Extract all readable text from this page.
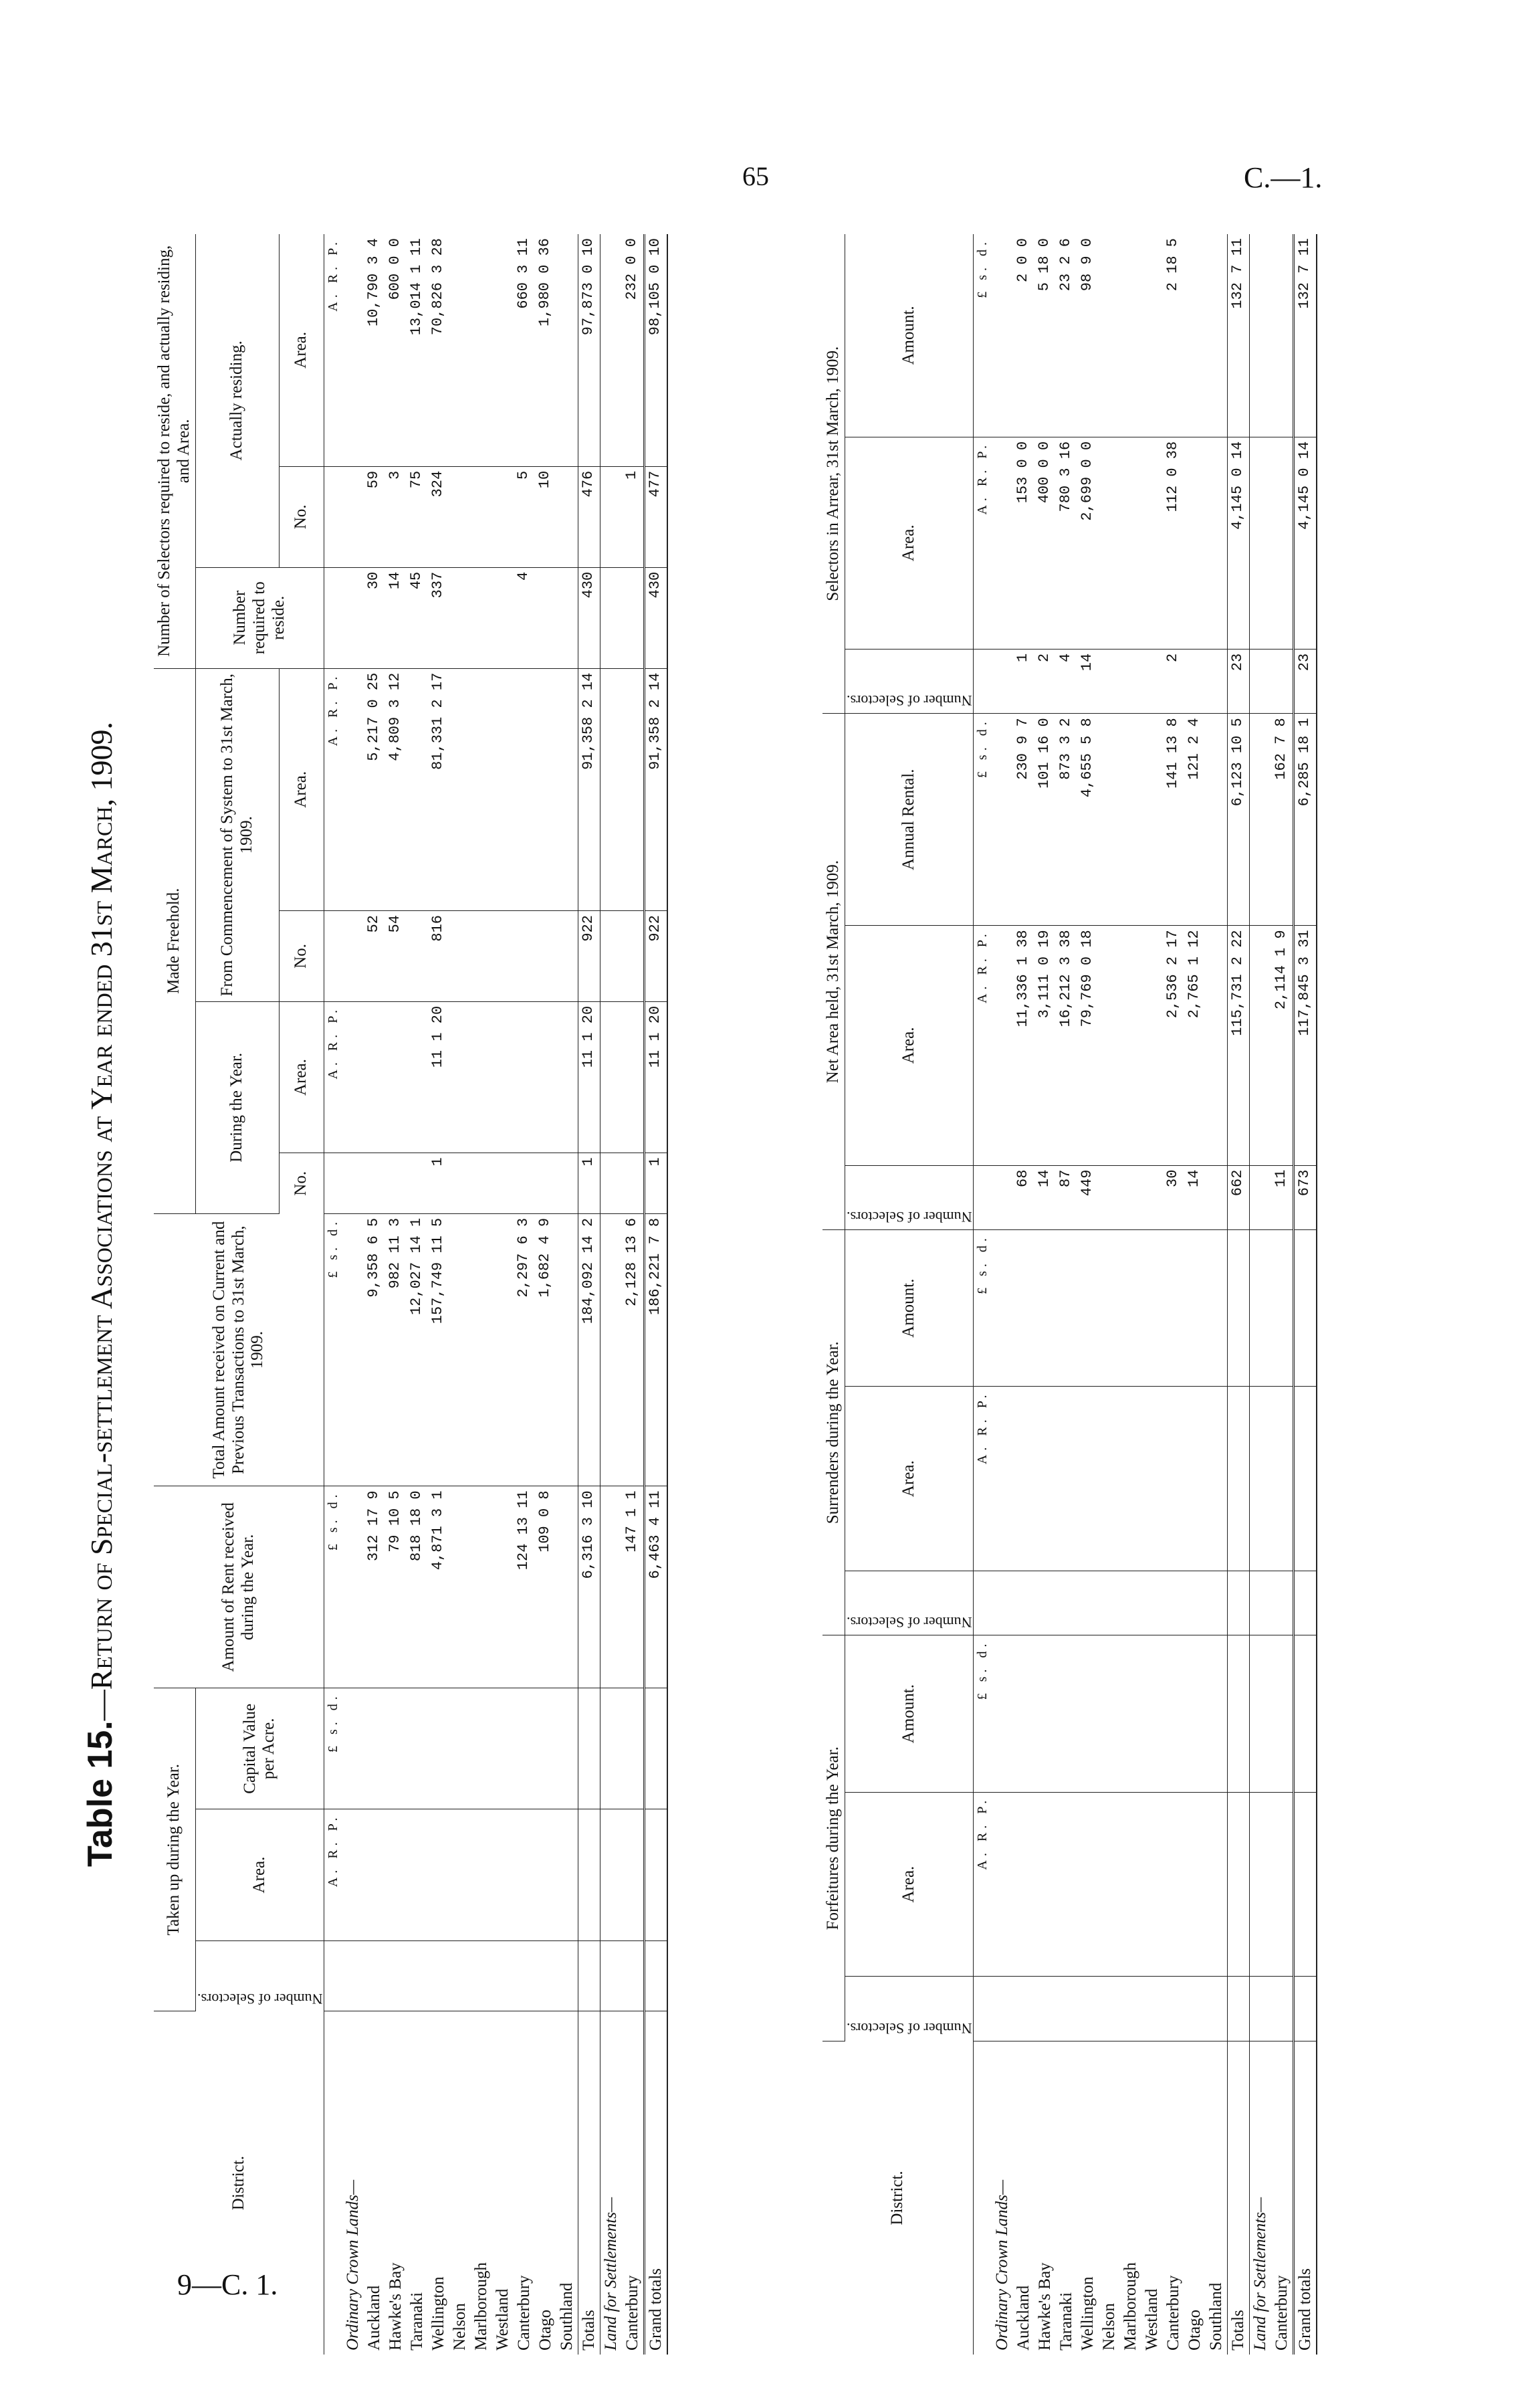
65	C.—1.
9—C. 1.
Table 15.—Return of Special-settlement Associations at Year ended 31st March, 1909.
District.	Taken up during the Year.			Amount of Rent received during the Year.	Total Amount received on Current and Previous Transactions to 31st March, 1909.	Made Freehold.				Number of Selectors required to reside, and actually residing, and Area.		

	Number of Selectors.	Area.	Capital Value per Acre.			During the Year.		From Commencement of System to 31st March, 1909.		Number required to reside.	Actually residing.	
						No.	Area.	No.	Area.		No.	Area.
		A. R. P.	£ s. d.	£ s. d.	£ s. d.		A. R. P.		A. R. P.			A. R. P.
Ordinary Crown Lands—												
Auckland				312 17 9	9,358 6 5			52	5,217 0 25	30	59	10,790 3 4
Hawke's Bay				79 10 5	982 11 3			54	4,809 3 12	14	3	600 0 0
Taranaki				818 18 0	12,027 14 1					45	75	13,014 1 11
Wellington				4,871 3 1	157,749 11 5	1	11 1 20	816	81,331 2 17	337	324	70,826 3 28
Nelson												
Marlborough												
Westland												
Canterbury				124 13 11	2,297 6 3					4	5	660 3 11
Otago				109 0 8	1,682 4 9						10	1,980 0 36
Southland												
Totals				6,316 3 10	184,092 14 2	1	11 1 20	922	91,358 2 14	430	476	97,873 0 10
Land for Settlements—												
Canterbury				147 1 1	2,128 13 6						1	232 0 0
Grand totals				6,463 4 11	186,221 7 8	1	11 1 20	922	91,358 2 14	430	477	98,105 0 10
District.	Forfeitures during the Year.			Surrenders during the Year.			Net Area held, 31st March, 1909.			Selectors in Arrear, 31st March, 1909.		

	Number of Selectors.	Area.	Amount.	Number of Selectors.	Area.	Amount.	Number of Selectors.	Area.	Annual Rental.	Number of Selectors.	Area.	Amount.
		A. R. P.	£ s. d.		A. R. P.	£ s. d.		A. R. P.	£ s. d.		A. R. P.	£ s. d.
Ordinary Crown Lands—												
Auckland							68	11,336 1 38	230 9 7	1	153 0 0	2 0 0
Hawke's Bay							14	3,111 0 19	101 16 0	2	400 0 0	5 18 0
Taranaki							87	16,212 3 38	873 3 2	4	780 3 16	23 2 6
Wellington							449	79,769 0 18	4,655 5 8	14	2,699 0 0	98 9 0
Nelson												
Marlborough												
Westland												
Canterbury							30	2,536 2 17	141 13 8	2	112 0 38	2 18 5
Otago							14	2,765 1 12	121 2 4			
Southland												
Totals							662	115,731 2 22	6,123 10 5	23	4,145 0 14	132 7 11
Land for Settlements—												
Canterbury							11	2,114 1 9	162 7 8			
Grand totals							673	117,845 3 31	6,285 18 1	23	4,145 0 14	132 7 11
